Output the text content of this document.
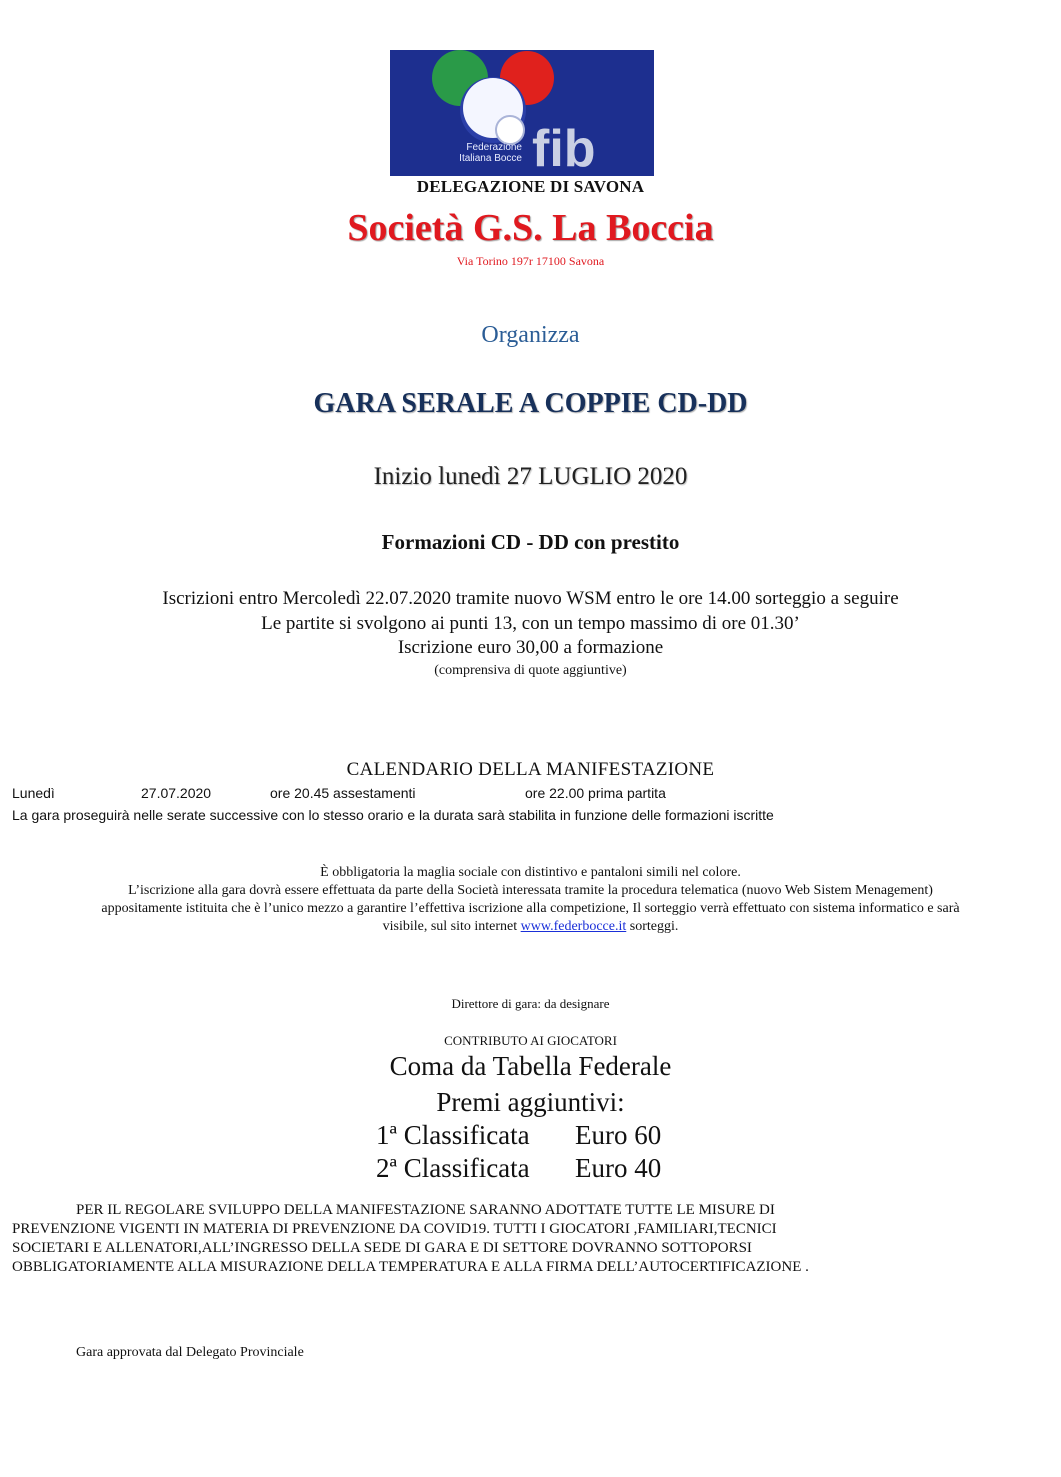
fib
Federazione
Italiana Bocce
DELEGAZIONE DI SAVONA
Società G.S. La Boccia
Via Torino 197r 17100 Savona
Organizza
GARA SERALE A COPPIE CD-DD
Inizio lunedì 27 LUGLIO 2020
Formazioni CD - DD con prestito
Iscrizioni entro Mercoledì 22.07.2020 tramite nuovo WSM entro le ore 14.00 sorteggio a seguire
Le partite si svolgono ai punti 13, con un tempo massimo di ore 01.30’
Iscrizione euro 30,00 a formazione
(comprensiva di quote aggiuntive)
CALENDARIO DELLA MANIFESTAZIONE
Lunedì	27.07.2020	ore 20.45 assestamenti	ore 22.00 prima partita
La gara proseguirà nelle serate successive con lo stesso orario e la durata sarà stabilita in funzione delle formazioni iscritte
È obbligatoria la maglia sociale con distintivo e pantaloni simili nel colore.
L’iscrizione alla gara dovrà essere effettuata da parte della Società interessata tramite la procedura telematica (nuovo Web Sistem Menagement)
appositamente istituita che è l’unico mezzo a garantire l’effettiva iscrizione alla competizione, Il sorteggio verrà effettuato con sistema informatico e sarà
visibile, sul sito internet www.federbocce.it sorteggi.
Direttore di gara: da designare
CONTRIBUTO AI GIOCATORI
Coma da Tabella Federale
Premi aggiuntivi:
1ª Classificata Euro 60
2ª Classificata Euro 40
PER IL REGOLARE SVILUPPO DELLA MANIFESTAZIONE SARANNO ADOTTATE TUTTE LE MISURE DI
PREVENZIONE VIGENTI IN MATERIA DI PREVENZIONE DA COVID19. TUTTI I GIOCATORI ,FAMILIARI,TECNICI
SOCIETARI E ALLENATORI,ALL’INGRESSO DELLA SEDE DI GARA E DI SETTORE DOVRANNO SOTTOPORSI
OBBLIGATORIAMENTE ALLA MISURAZIONE DELLA TEMPERATURA E ALLA FIRMA DELL’AUTOCERTIFICAZIONE .
Gara approvata dal Delegato Provinciale
